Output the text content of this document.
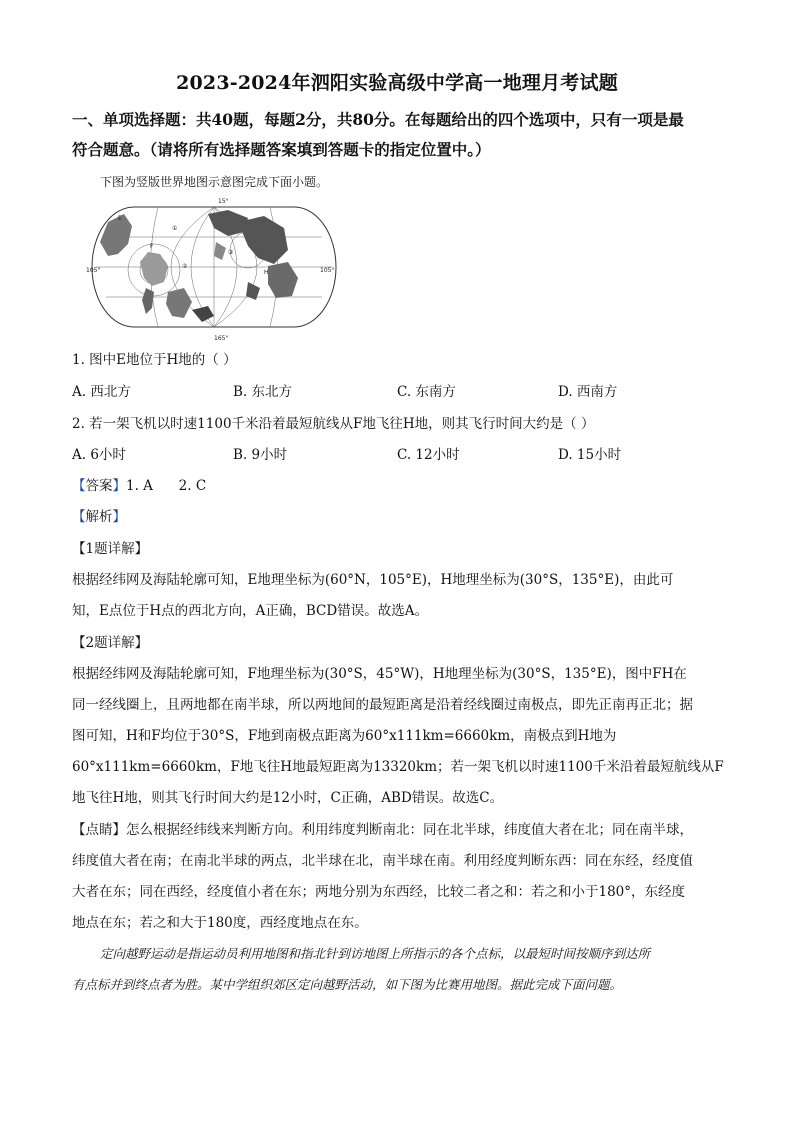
2023-2024年泗阳实验高级中学高一地理月考试题
一、单项选择题：共40题，每题2分，共80分。在每题给出的四个选项中，只有一项是最
符合题意。（请将所有选择题答案填到答题卡的指定位置中。）
下图为竖版世界地图示意图完成下面小题。
15°
105°	105°
165°
E
F
H
①
②
③
1. 图中E地位于H地的（ ）
A. 西北方	B. 东北方	C. 东南方	D. 西南方
2. 若一架飞机以时速1100千米沿着最短航线从F地飞往H地，则其飞行时间大约是（ ）
A. 6小时	B. 9小时	C. 12小时	D. 15小时
【答案】1. A      2. C
【解析】
【1题详解】
根据经纬网及海陆轮廓可知，E地理坐标为(60°N，105°E)，H地理坐标为(30°S，135°E)，由此可
知，E点位于H点的西北方向，A正确，BCD错误。故选A。
【2题详解】
根据经纬网及海陆轮廓可知，F地理坐标为(30°S，45°W)，H地理坐标为(30°S，135°E)，图中FH在
同一经线圈上，且两地都在南半球，所以两地间的最短距离是沿着经线圈过南极点，即先正南再正北；据
图可知，H和F均位于30°S，F地到南极点距离为60°x111km=6660km，南极点到H地为
60°x111km=6660km，F地飞往H地最短距离为13320km；若一架飞机以时速1100千米沿着最短航线从F
地飞往H地，则其飞行时间大约是12小时，C正确，ABD错误。故选C。
【点睛】怎么根据经纬线来判断方向。利用纬度判断南北：同在北半球，纬度值大者在北；同在南半球，
纬度值大者在南；在南北半球的两点，北半球在北，南半球在南。利用经度判断东西：同在东经，经度值
大者在东；同在西经，经度值小者在东；两地分别为东西经，比较二者之和：若之和小于180°，东经度
地点在东；若之和大于180度，西经度地点在东。
定向越野运动是指运动员利用地图和指北针到访地图上所指示的各个点标，以最短时间按顺序到达所
有点标并到终点者为胜。某中学组织郊区定向越野活动，如下图为比赛用地图。据此完成下面问题。
